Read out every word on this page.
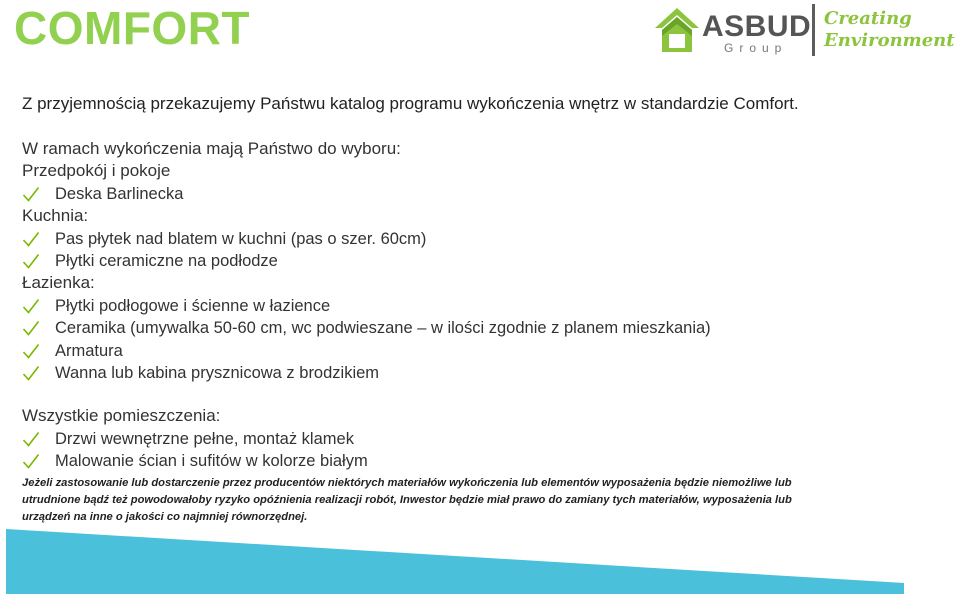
COMFORT	ASBUD
Group
Creating
Environment

Z przyjemnością przekazujemy Państwu katalog programu wykończenia wnętrz w standardzie Comfort.

W ramach wykończenia mają Państwo do wyboru:
Przedpokój i pokoje
Deska Barlinecka
Kuchnia:
Pas płytek nad blatem w kuchni (pas o szer. 60cm)
Płytki ceramiczne na podłodze
Łazienka:
Płytki podłogowe i ścienne w łazience
Ceramika (umywalka 50-60 cm, wc podwieszane – w ilości zgodnie z planem mieszkania)
Armatura
Wanna lub kabina prysznicowa z brodzikiem
Wszystkie pomieszczenia:
Drzwi wewnętrzne pełne, montaż klamek
Malowanie ścian i sufitów w kolorze białym

Jeżeli zastosowanie lub dostarczenie przez producentów niektórych materiałów wykończenia lub elementów wyposażenia będzie niemożliwe lub utrudnione bądź też powodowałoby ryzyko opóźnienia realizacji robót, Inwestor będzie miał prawo do zamiany tych materiałów, wyposażenia lub urządzeń na inne o jakości co najmniej równorzędnej.
